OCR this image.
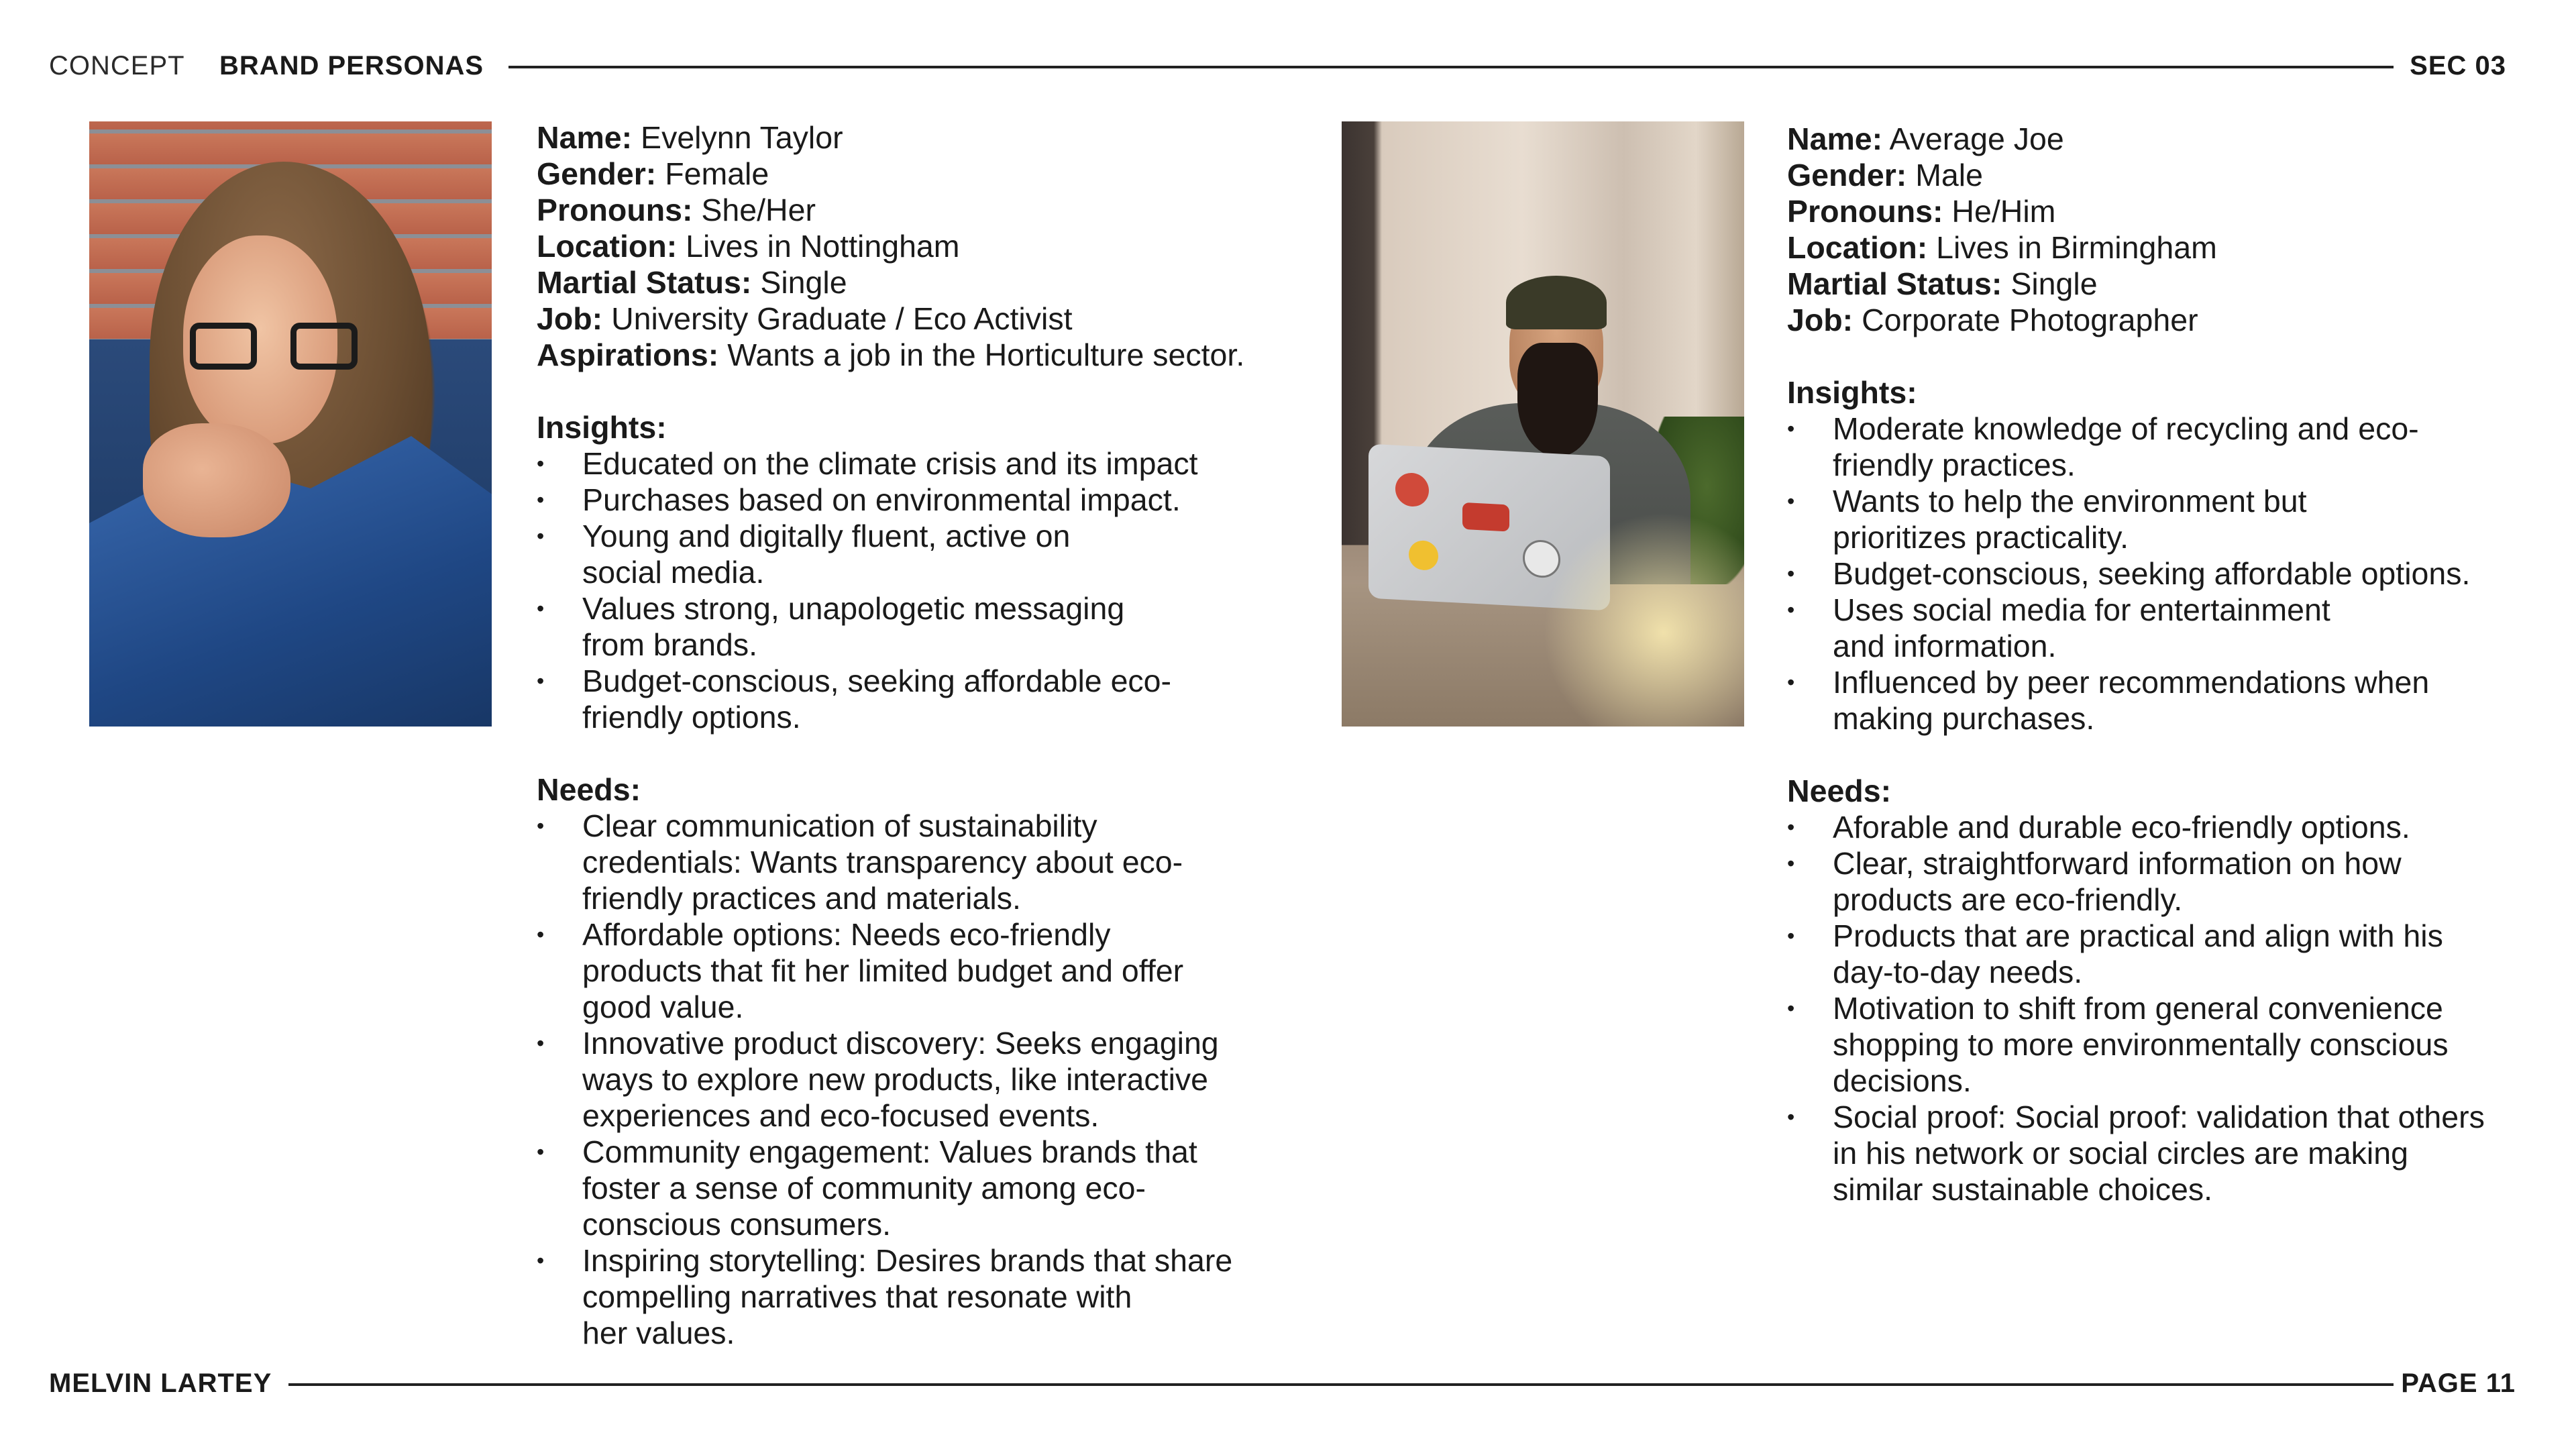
CONCEPT BRAND PERSONAS	SEC 03
Name: Evelynn Taylor
Gender: Female
Pronouns: She/Her
Location: Lives in Nottingham
Martial Status: Single
Job: University Graduate / Eco Activist
Aspirations: Wants a job in the Horticulture sector.
Insights:
• Educated on the climate crisis and its impact
• Purchases based on environmental impact.
• Young and digitally fluent, active on
social media.
• Values strong, unapologetic messaging
from brands.
• Budget-conscious, seeking affordable eco-
friendly options.
Needs:
• Clear communication of sustainability
credentials: Wants transparency about eco-
friendly practices and materials.
• Affordable options: Needs eco-friendly
products that fit her limited budget and offer
good value.
• Innovative product discovery: Seeks engaging
ways to explore new products, like interactive
experiences and eco-focused events.
• Community engagement: Values brands that
foster a sense of community among eco-
conscious consumers.
• Inspiring storytelling: Desires brands that share
compelling narratives that resonate with
her values.
Name: Average Joe
Gender: Male
Pronouns: He/Him
Location: Lives in Birmingham
Martial Status: Single
Job: Corporate Photographer
Insights:
• Moderate knowledge of recycling and eco-
friendly practices.
• Wants to help the environment but
prioritizes practicality.
• Budget-conscious, seeking affordable options.
• Uses social media for entertainment
and information.
• Influenced by peer recommendations when
making purchases.
Needs:
• Aforable and durable eco-friendly options.
• Clear, straightforward information on how
products are eco-friendly.
• Products that are practical and align with his
day-to-day needs.
• Motivation to shift from general convenience
shopping to more environmentally conscious
decisions.
• Social proof: Social proof: validation that others
in his network or social circles are making
similar sustainable choices.
MELVIN LARTEY	PAGE 11
